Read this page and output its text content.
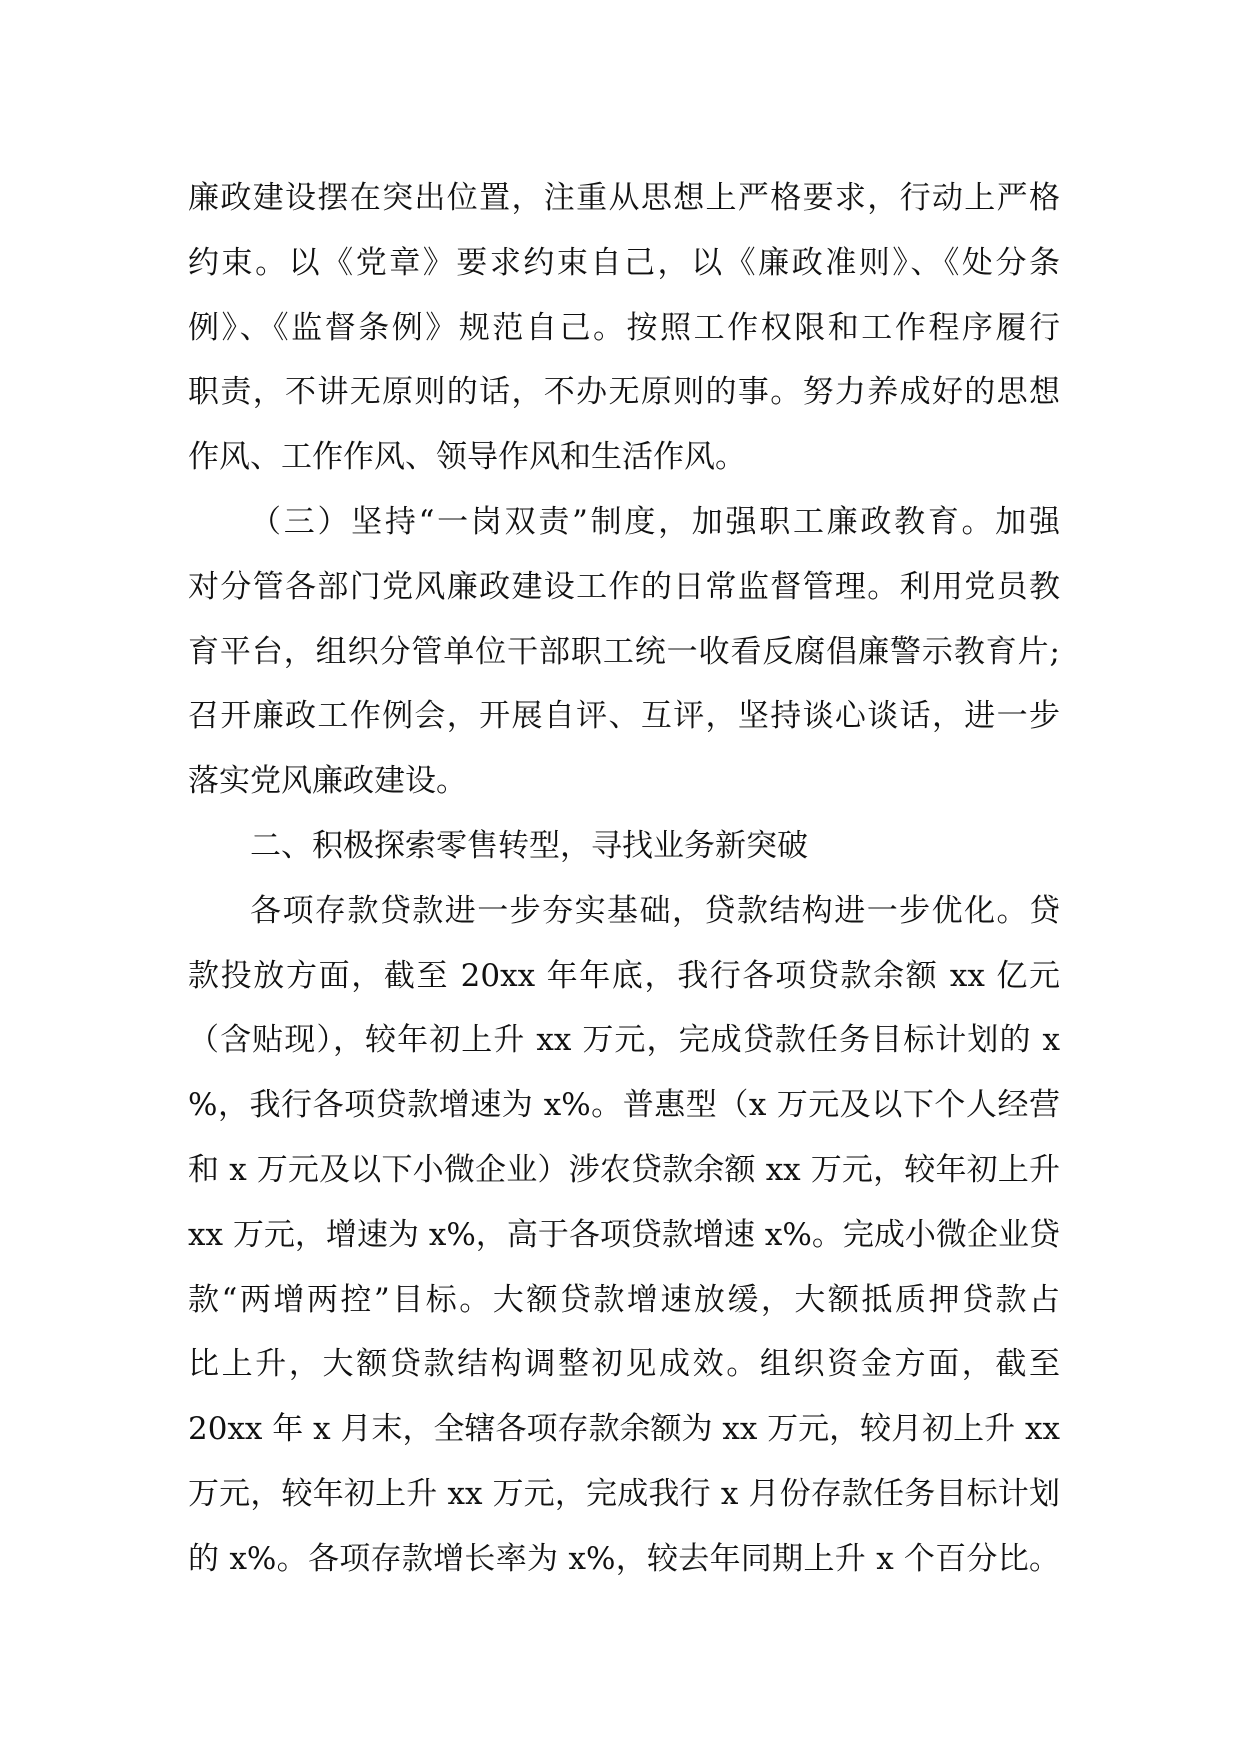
廉政建设摆在突出位置，注重从思想上严格要求，行动上严格
约束。以《党章》要求约束自己，以《廉政准则》、《处分条
例》、《监督条例》规范自己。按照工作权限和工作程序履行
职责，不讲无原则的话，不办无原则的事。努力养成好的思想
作风、工作作风、领导作风和生活作风。
（三）坚持“一岗双责”制度，加强职工廉政教育。加强
对分管各部门党风廉政建设工作的日常监督管理。利用党员教
育平台，组织分管单位干部职工统一收看反腐倡廉警示教育片;
召开廉政工作例会，开展自评、互评，坚持谈心谈话，进一步
落实党风廉政建设。
二、积极探索零售转型，寻找业务新突破
各项存款贷款进一步夯实基础，贷款结构进一步优化。贷
款投放方面，截至 20xx 年年底，我行各项贷款余额 xx 亿元
（含贴现），较年初上升 xx 万元，完成贷款任务目标计划的 x
%，我行各项贷款增速为 x%。普惠型（x 万元及以下个人经营
和 x 万元及以下小微企业）涉农贷款余额 xx 万元，较年初上升
xx 万元，增速为 x%，高于各项贷款增速 x%。完成小微企业贷
款“两增两控”目标。大额贷款增速放缓，大额抵质押贷款占
比上升，大额贷款结构调整初见成效。组织资金方面，截至
20xx 年 x 月末，全辖各项存款余额为 xx 万元，较月初上升 xx
万元，较年初上升 xx 万元，完成我行 x 月份存款任务目标计划
的 x%。各项存款增长率为 x%，较去年同期上升 x 个百分比。
